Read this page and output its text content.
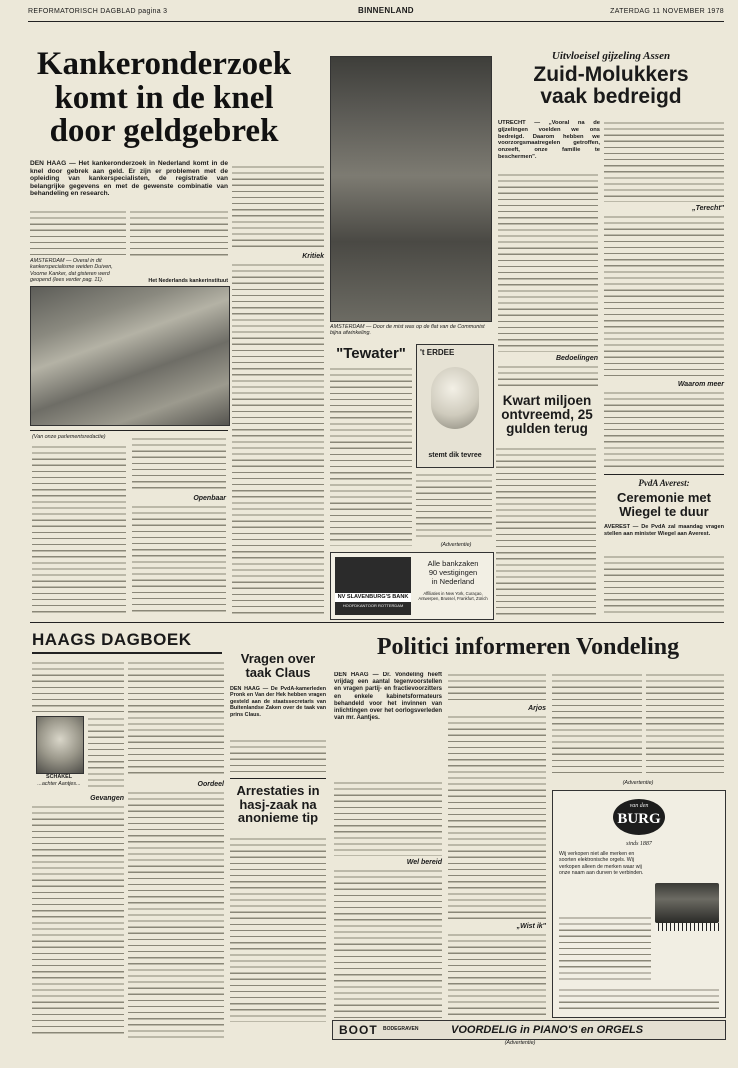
REFORMATORISCH DAGBLAD pagina 3	BINNENLAND	ZATERDAG 11 NOVEMBER 1978
Kankeronderzoek
komt in de knel
door geldgebrek
DEN HAAG — Het kankeronderzoek in Nederland komt in de knel door gebrek aan geld. Er zijn er problemen met de opleiding van kankerspecialisten, de registratie van belangrijke gegevens en met de gewenste combinatie van behandeling en research.
AMSTERDAM — Overal in dit kankerspecialisme weiden Duiven, Voorne Kanker, dat gisteren werd geopend (lees verder pag. 11).	Het Nederlands kankerinstituut
Kritiek
(Van onze parlementsredactie)
Openbaar
AMSTERDAM — Door de mist was op de flat van de Communist bijna afwinkeling.
"Tewater"	't ERDEE
stemt dik tevree
(Advertentie)
Alle bankzaken
90 vestigingen
in Nederland
NV SLAVENBURG'S BANK
HOOFDKANTOOR ROTTERDAM
Affiliaties in New York, Curaçao, Antwerpen, Brussel, Frankfurt, Zürich
Kwart miljoen
ontvreemd, 25
gulden terug
Uitvloeisel gijzeling Assen
Zuid-Molukkers
vaak bedreigd
UTRECHT — „Vooral na de gijzelingen voelden we ons bedreigd. Daarom hebben we voorzorgsmaatregelen getroffen, onzeeft, onze familie te beschermen".
Bedoelingen
„Terecht"
Waarom meer
PvdA Averest:
Ceremonie met
Wiegel te duur
AVEREST — De PvdA zal maandag vragen stellen aan minister Wiegel aan Averest.
HAAGS DAGBOEK
SCHAKEL
...achter Aantjes...
Gevangen
Oordeel
Vragen over
taak Claus
DEN HAAG — De PvdA-kamerleden Pronk en Van der Hek hebben vragen gesteld aan de staatssecretaris van Buitenlandse Zaken over de taak van prins Claus.
Arrestaties in
hasj-zaak na
anonieme tip
Politici informeren Vondeling
DEN HAAG — Dr. Vondeling heeft vrijdag een aantal tegenvoorstellen en vragen partij- en fractievoorzitters en enkele kabinetsformateurs behandeld voor het invinnen van inlichtingen over het oorlogsverleden van mr. Aantjes.
Wel bereid
Arjos
„Wist ik"
(Advertentie)
van den
BURG
sinds 1887
Wij verkopen niet alle merken en soorten elektronische orgels. Wij verkopen alleen de merken waar wij onze naam aan durven te verbinden.
BOOT BODEGRAVEN	VOORDELIG in PIANO'S en ORGELS
(Advertentie)
